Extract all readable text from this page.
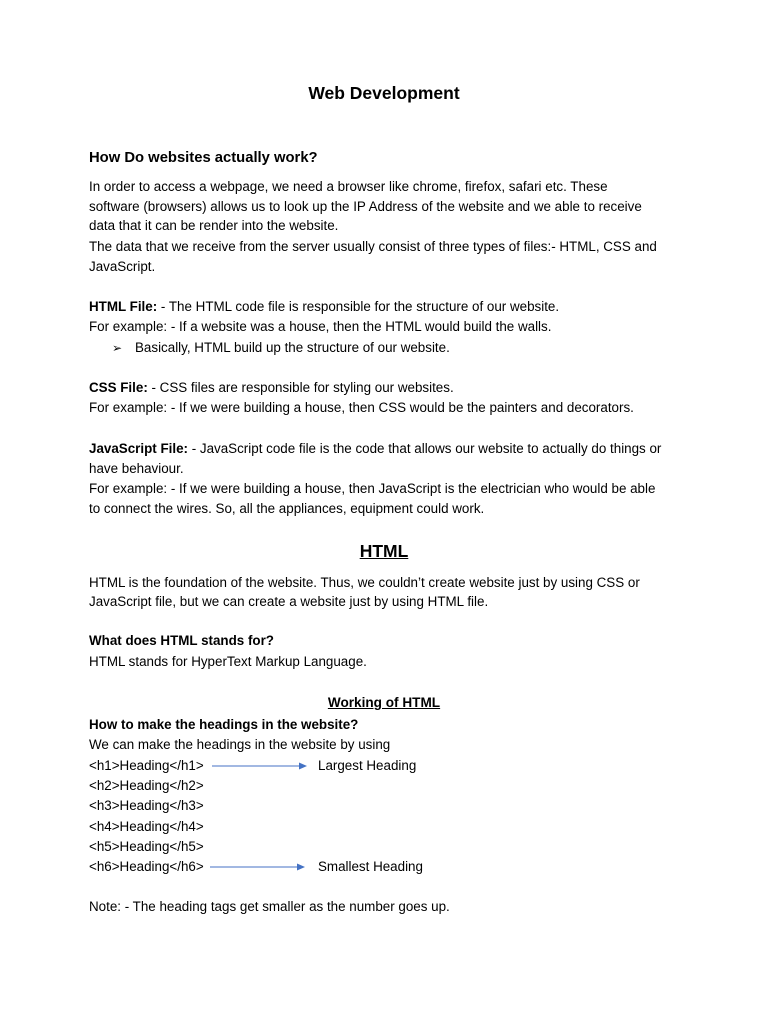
Web Development
How Do websites actually work?
In order to access a webpage, we need a browser like chrome, firefox, safari etc. These
software (browsers) allows us to look up the IP Address of the website and we able to receive
data that it can be render into the website.
The data that we receive from the server usually consist of three types of files:- HTML, CSS and
JavaScript.
HTML File: - The HTML code file is responsible for the structure of our website.
For example: - If a website was a house, then the HTML would build the walls.
➢ Basically, HTML build up the structure of our website.
CSS File: - CSS files are responsible for styling our websites.
For example: - If we were building a house, then CSS would be the painters and decorators.
JavaScript File: - JavaScript code file is the code that allows our website to actually do things or
have behaviour.
For example: - If we were building a house, then JavaScript is the electrician who would be able
to connect the wires. So, all the appliances, equipment could work.
HTML
HTML is the foundation of the website. Thus, we couldn’t create website just by using CSS or
JavaScript file, but we can create a website just by using HTML file.
What does HTML stands for?
HTML stands for HyperText Markup Language.
Working of HTML
How to make the headings in the website?
We can make the headings in the website by using
<h1>Heading</h1>
<h2>Heading</h2>
<h3>Heading</h3>
<h4>Heading</h4>
<h5>Heading</h5>
<h6>Heading</h6>
Largest Heading
Smallest Heading
Note: - The heading tags get smaller as the number goes up.
